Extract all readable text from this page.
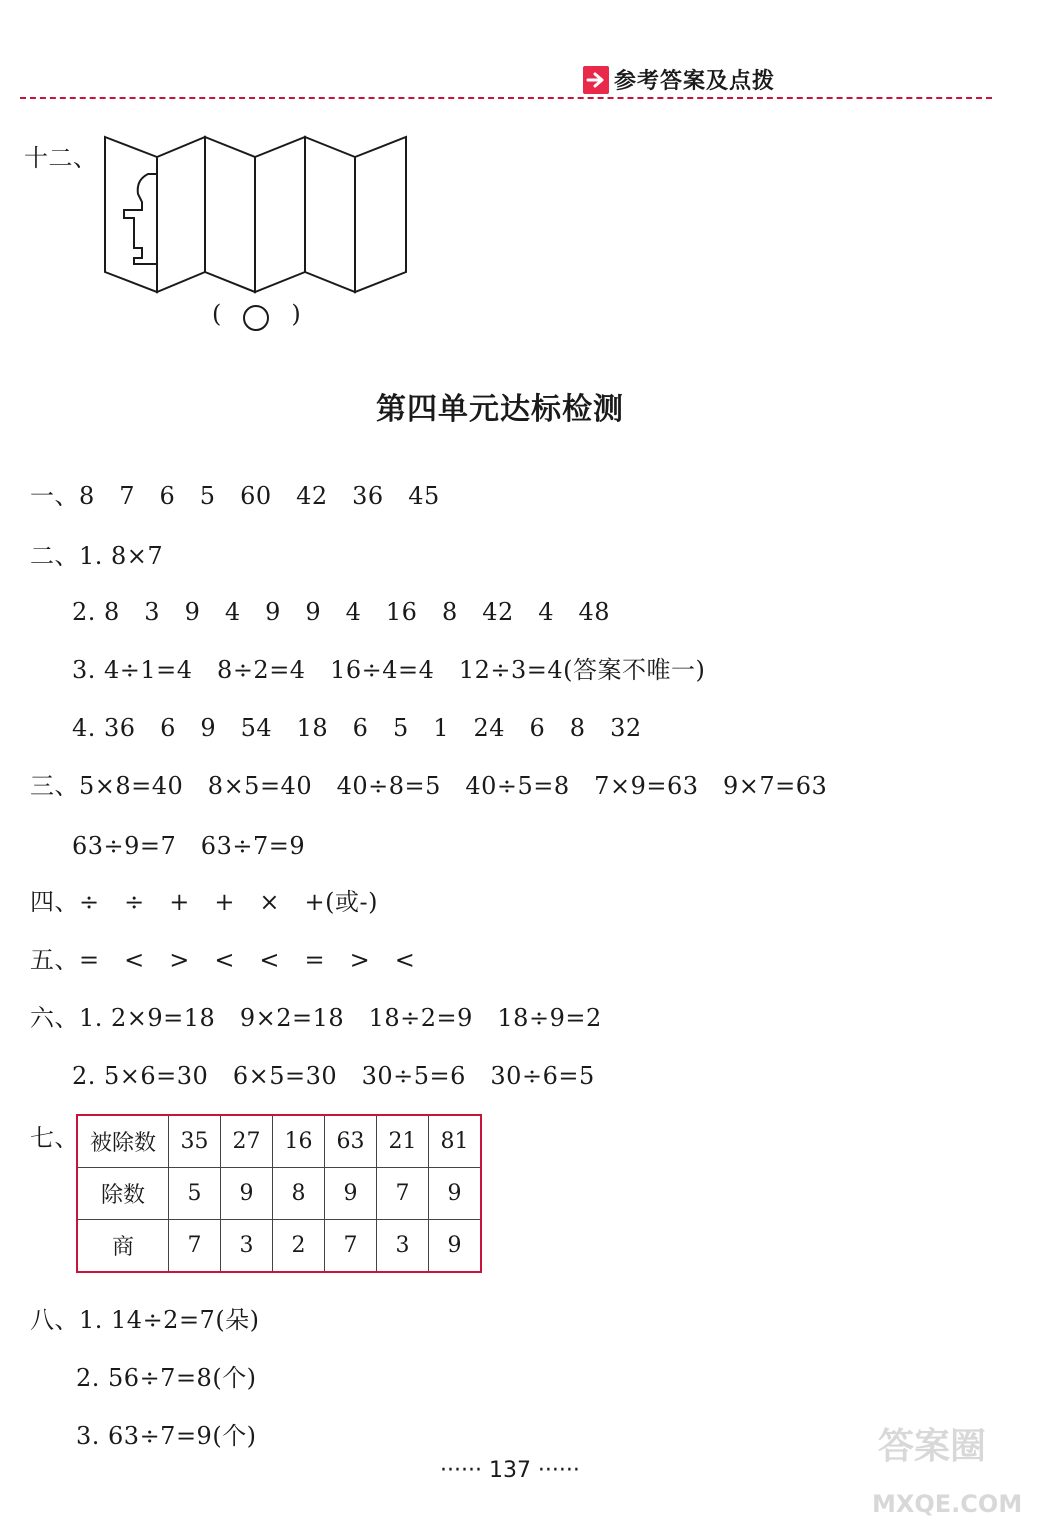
参考答案及点拨
十二、
(	)
第四单元达标检测
一、8　7　6　5　60　42　36　45
二、1. 8×7
2. 8　3　9　4　9　9　4　16　8　42　4　48
3. 4÷1=4　8÷2=4　16÷4=4　12÷3=4(答案不唯一)
4. 36　6　9　54　18　6　5　1　24　6　8　32
三、5×8=40　8×5=40　40÷8=5　40÷5=8　7×9=63　9×7=63
63÷9=7　63÷7=9
四、÷　÷　+　+　×　+(或-)
五、=　<　>　<　<　=　>　<
六、1. 2×9=18　9×2=18　18÷2=9　18÷9=2
2. 5×6=30　6×5=30　30÷5=6　30÷6=5
七、 被除数	35	27	16	63	21	81
除数	5	9	8	9	7	9
商	7	3	2	7	3	9
八、1. 14÷2=7(朵)
2. 56÷7=8(个)
3. 63÷7=9(个)
······ 137 ······
答案圈
MXQE.COM
